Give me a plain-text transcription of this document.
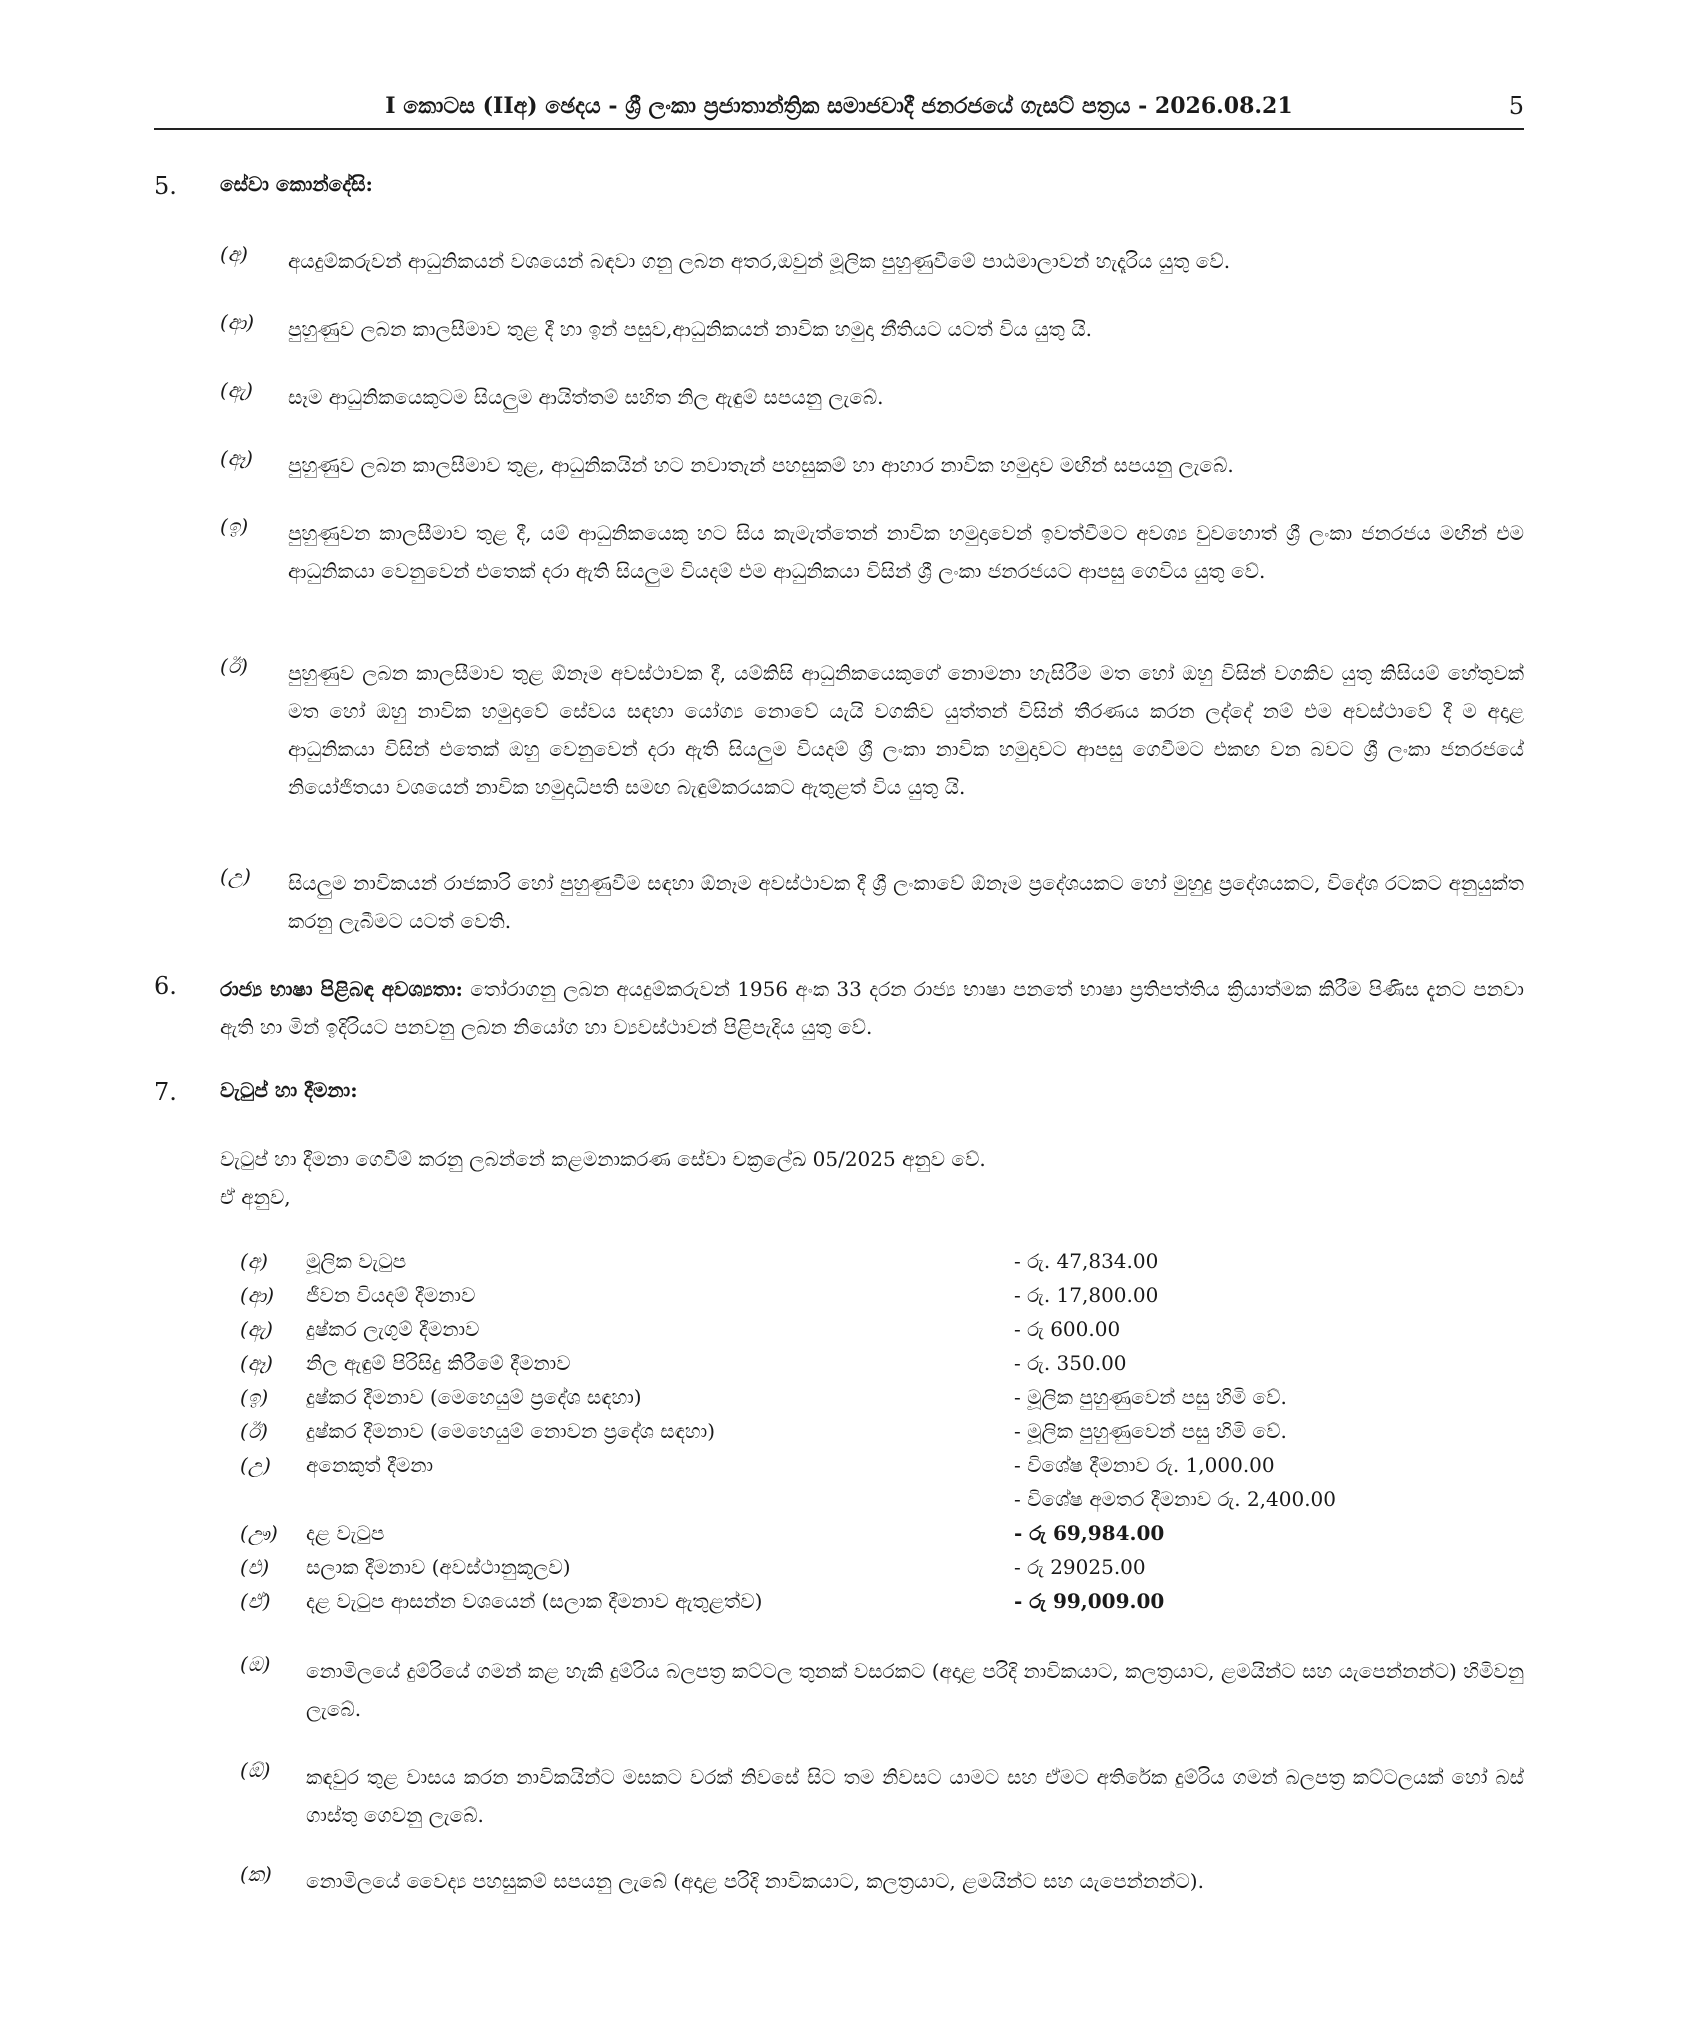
I කොටස (IIඅ) ඡෙදය - ශ්‍රී ලංකා ප්‍රජාතාන්ත්‍රික සමාජවාදී ජනරජයේ ගැසට් පත්‍රය - 2026.08.21	5
5. සේවා කොන්දේසි:
(අ) අයදුම්කරුවන් ආධුනිකයන් වශයෙන් බඳවා ගනු ලබන අතර,ඔවුන් මූලික පුහුණුවීමේ පාඨමාලාවන් හැදෑරිය යුතු වේ.
(ආ) පුහුණුව ලබන කාලසීමාව තුළ දී හා ඉන් පසුව,ආධුනිකයන් නාවික හමුදා නීතියට යටත් විය යුතු යි.
(ඇ) සෑම ආධුනිකයෙකුටම සියලුම ආයිත්තම් සහිත නිල ඇඳුම් සපයනු ලැබේ.
(ඈ) පුහුණුව ලබන කාලසීමාව තුළ, ආධුනිකයින් හට නවාතැන් පහසුකම් හා ආහාර නාවික හමුදාව මඟින් සපයනු ලැබේ.
(ඉ) පුහුණුවන කාලසීමාව තුළ දී, යම් ආධුනිකයෙකු හට සිය කැමැත්තෙන් නාවික හමුදාවෙන් ඉවත්වීමට අවශ්‍ය වුවහොත් ශ්‍රී ලංකා ජනරජය මඟින් එම ආධුනිකයා වෙනුවෙන් එතෙක් දරා ඇති සියලුම වියදම් එම ආධුනිකයා විසින් ශ්‍රී ලංකා ජනරජයට ආපසු ගෙවිය යුතු වේ.
(ඊ) පුහුණුව ලබන කාලසීමාව තුළ ඕනෑම අවස්ථාවක දී, යම්කිසි ආධුනිකයෙකුගේ නොමනා හැසිරීම මත හෝ ඔහු විසින් වගකිව යුතු කිසියම් හේතුවක් මත හෝ ඔහු නාවික හමුදාවේ සේවය සඳහා යෝග්‍ය නොවේ යැයි වගකිව යුත්තන් විසින් තීරණය කරන ලද්දේ නම් එම අවස්ථාවේ දී ම අදාළ ආධුනිකයා විසින් එතෙක් ඔහු වෙනුවෙන් දරා ඇති සියලුම වියදම් ශ්‍රී ලංකා නාවික හමුදාවට ආපසු ගෙවීමට එකඟ වන බවට ශ්‍රී ලංකා ජනරජයේ නියෝජිතයා වශයෙන් නාවික හමුදාධිපති සමඟ බැඳුම්කරයකට ඇතුළත් විය යුතු යි.
(උ) සියලුම නාවිකයන් රාජකාරි හෝ පුහුණුවීම සඳහා ඕනෑම අවස්ථාවක දී ශ්‍රී ලංකාවේ ඕනෑම ප්‍රදේශයකට හෝ මුහුදු ප්‍රදේශයකට, විදේශ රටකට අනුයුක්ත කරනු ලැබීමට යටත් වෙති.
6. රාජ්‍ය භාෂා පිළිබඳ අවශ්‍යතා: තෝරාගනු ලබන අයදුම්කරුවන් 1956 අංක 33 දරන රාජ්‍ය භාෂා පනතේ භාෂා ප්‍රතිපත්තිය ක්‍රියාත්මක කිරීම පිණිස දැනට පනවා ඇති හා මින් ඉදිරියට පනවනු ලබන නියෝග හා ව්‍යවස්ථාවන් පිළිපැදිය යුතු වේ.
7. වැටුප් හා දීමනා:
වැටුප් හා දීමනා ගෙවීම් කරනු ලබන්නේ කළමනාකරණ සේවා චක්‍රලේඛ 05/2025 අනුව වේ.
ඒ අනුව,
(අ) මූලික වැටුප	- රු. 47,834.00
(ආ) ජීවන වියදම් දීමනාව	- රු. 17,800.00
(ඇ) දුෂ්කර ලැගුම් දීමනාව	- රු 600.00
(ඈ) නිල ඇඳුම් පිරිසිදු කිරීමේ දීමනාව	- රු. 350.00
(ඉ) දුෂ්කර දීමනාව (මෙහෙයුම් ප්‍රදේශ සඳහා)	- මූලික පුහුණුවෙන් පසු හිමි වේ.
(ඊ) දුෂ්කර දීමනාව (මෙහෙයුම් නොවන ප්‍රදේශ සඳහා)	- මූලික පුහුණුවෙන් පසු හිමි වේ.
(උ) අනෙකුත් දීමනා	- විශේෂ දීමනාව රු. 1,000.00
- විශේෂ අමතර දීමනාව රු. 2,400.00
(ඌ) දළ වැටුප	- රු 69,984.00
(එ) සලාක දීමනාව (අවස්ථානුකූලව)	- රු 29025.00
(ඒ) දළ වැටුප ආසන්න වශයෙන් (සලාක දීමනාව ඇතුළත්ව)	- රු 99,009.00
(ඔ) නොමිලයේ දුම්රියේ ගමන් කළ හැකි දුම්රිය බලපත්‍ර කට්ටල තුනක් වසරකට (අදාළ පරිදි නාවිකයාට, කලත්‍රයාට, ළමයින්ට සහ යැපෙන්නන්ට) හිමිවනු ලැබේ.
(ඕ) කඳවුර තුළ වාසය කරන නාවිකයින්ට මසකට වරක් නිවසේ සිට තම නිවසට යාමට සහ ඒමට අතිරේක දුම්රිය ගමන් බලපත්‍ර කට්ටලයක් හෝ බස් ගාස්තු ගෙවනු ලැබේ.
(ක) නොමිලයේ වෛද්‍ය පහසුකම් සපයනු ලැබේ (අදාළ පරිදි නාවිකයාට, කලත්‍රයාට, ළමයින්ට සහ යැපෙන්නන්ට).
